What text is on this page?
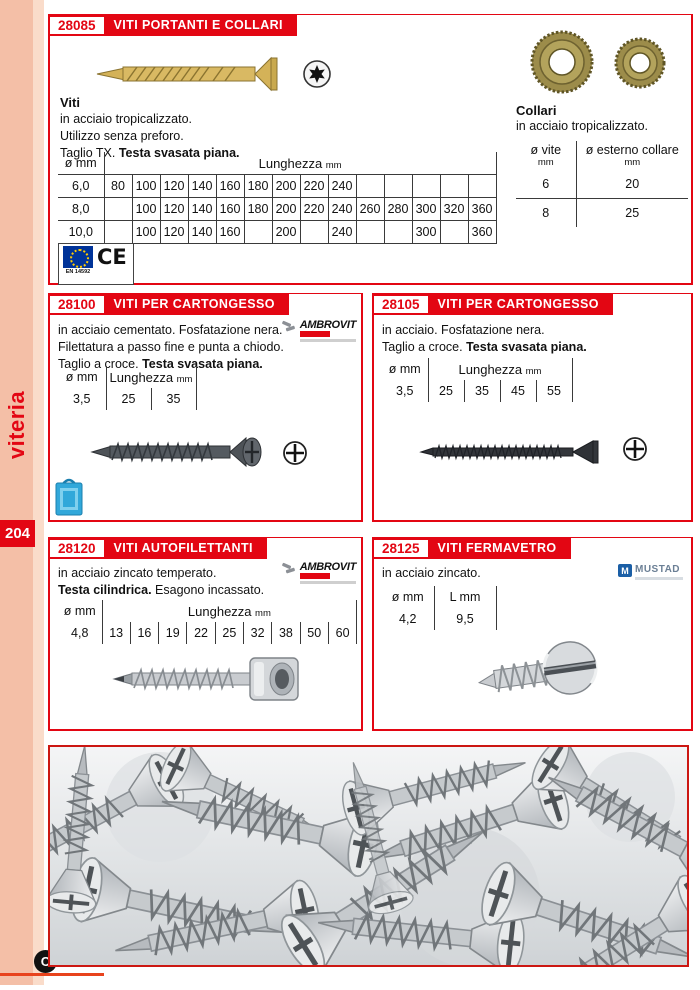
viteria
204
C
28085	VITI PORTANTI E COLLARI
Viti
in acciaio tropicalizzato.
Utilizzo senza preforo.
Taglio TX. Testa svasata piana.
ø mm	Lunghezza mm													
6,0	80	100	120	140	160	180	200	220	240					
8,0		100	120	140	160	180	200	220	240	260	280	300	320	360
10,0		100	120	140	160		200		240			300		360
EN 14592
CE
Collari
in acciaio tropicalizzato.
ø vite
mm

ø esterno collare
mm

6	20
8	25
28100	VITI PER CARTONGESSO
in acciaio cementato. Fosfatazione nera.
Filettatura a passo fine e punta a chiodo.
Taglio a croce. Testa svasata piana.
AMBROVIT
ø mm	Lunghezza mm	
3,5	25	35
28105	VITI PER CARTONGESSO
in acciaio. Fosfatazione nera.
Taglio a croce. Testa svasata piana.
ø mm	Lunghezza mm			
3,5	25	35	45	55
28120	VITI AUTOFILETTANTI
in acciaio zincato temperato.
Testa cilindrica. Esagono incassato.
AMBROVIT
ø mm	Lunghezza mm								
4,8	13	16	19	22	25	32	38	50	60
28125	VITI FERMAVETRO
in acciaio zincato.	M MUSTAD
ø mm	L mm
4,2	9,5
